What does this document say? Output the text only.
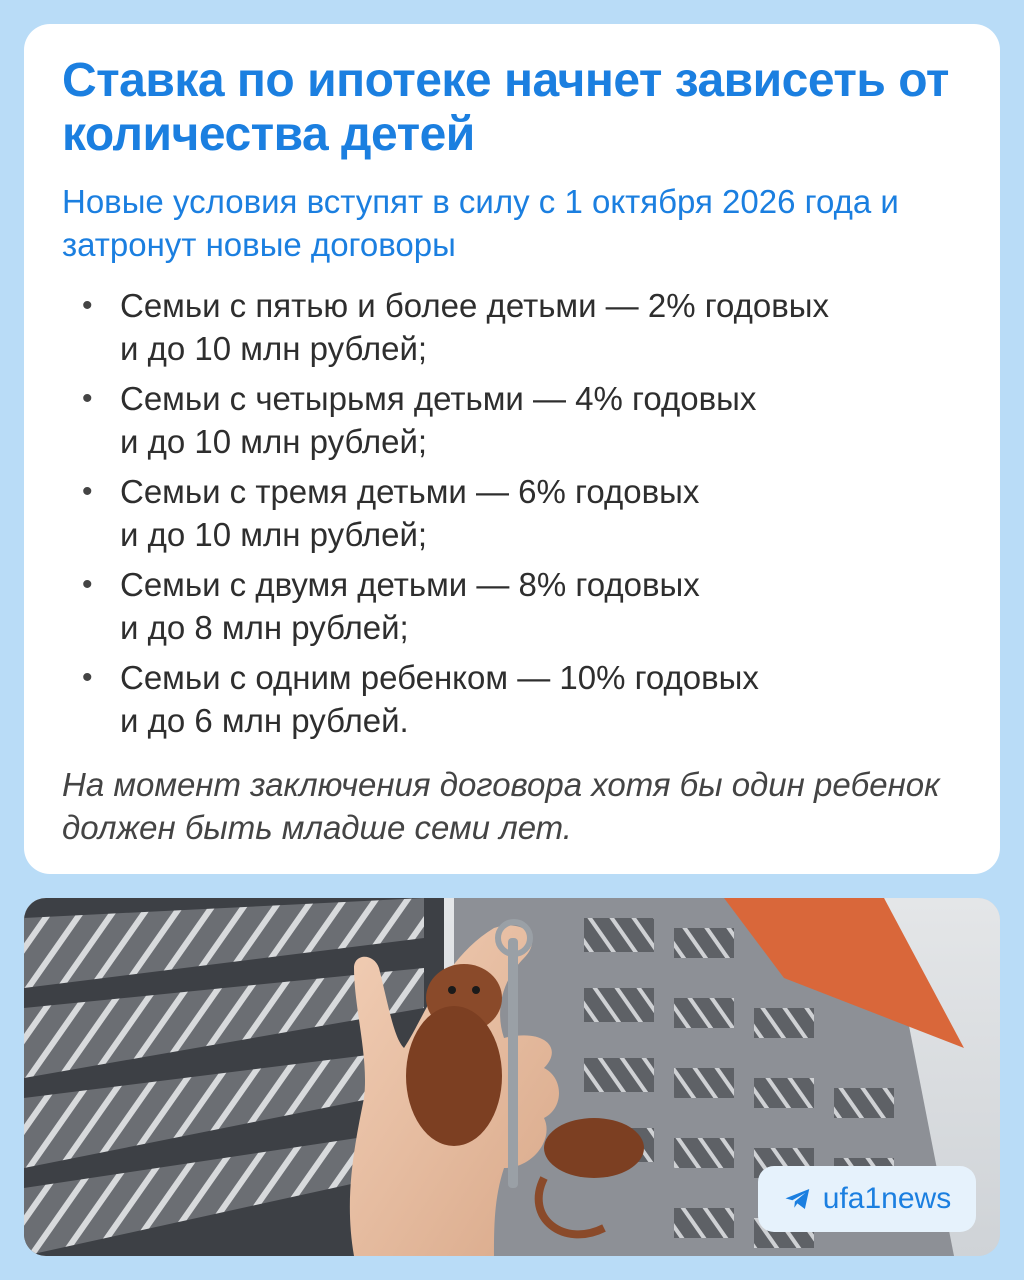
Ставка по ипотеке начнет зависеть от количества детей

Новые условия вступят в силу с 1 октября 2026 года и затронут новые договоры

• Семьи с пятью и более детьми — 2% годовых
и до 10 млн рублей;
• Семьи с четырьмя детьми — 4% годовых
и до 10 млн рублей;
• Семьи с тремя детьми — 6% годовых
и до 10 млн рублей;
• Семьи с двумя детьми — 8% годовых
и до 8 млн рублей;
• Семьи с одним ребенком — 10% годовых
и до 6 млн рублей.

На момент заключения договора хотя бы один ребенок должен быть младше семи лет.

ufa1news
